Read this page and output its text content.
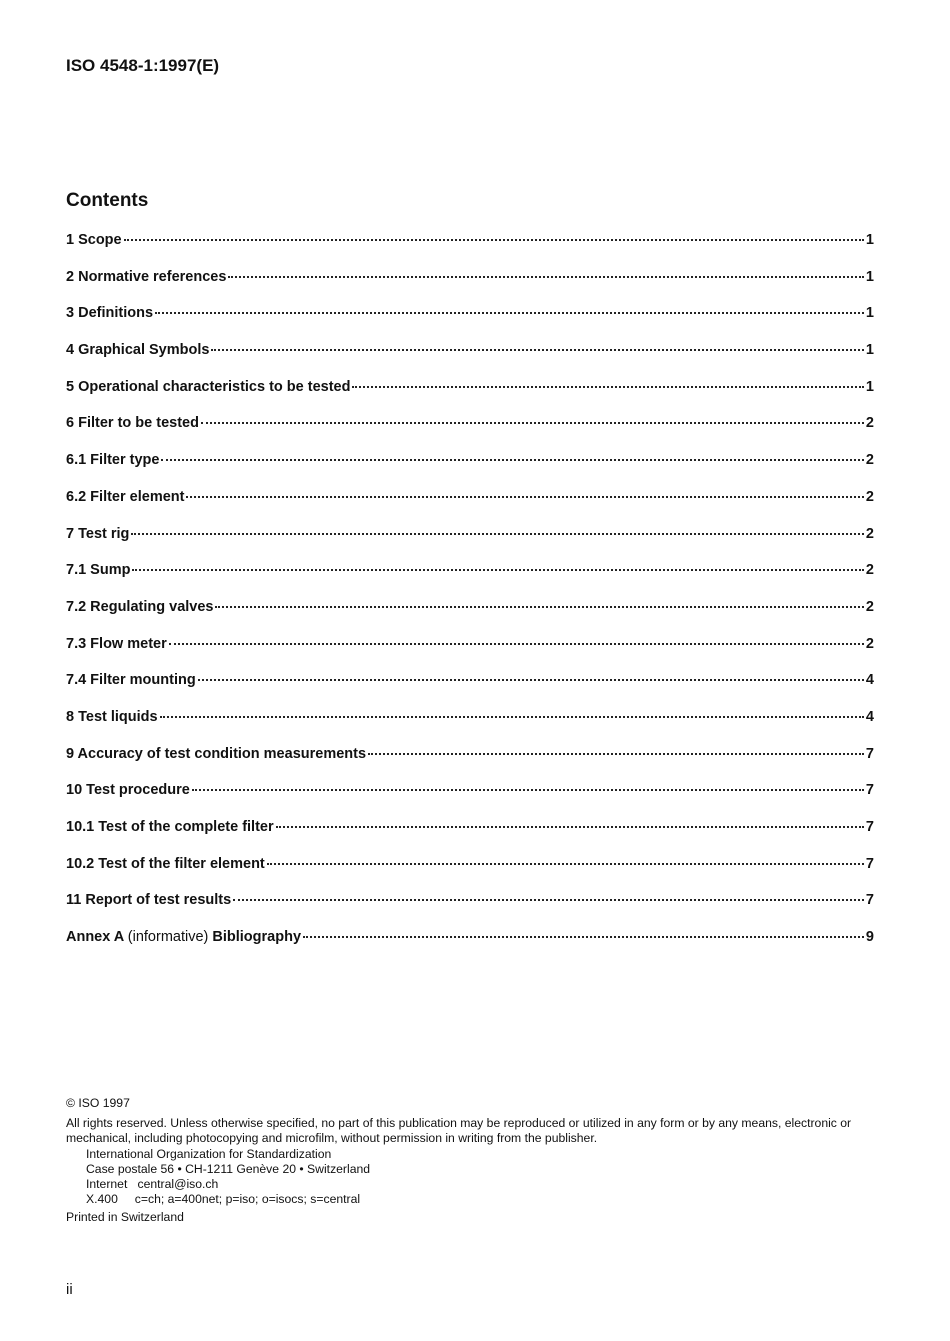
ISO 4548-1:1997(E)
Contents
1 Scope	1
2 Normative references	1
3 Definitions	1
4 Graphical Symbols	1
5 Operational characteristics to be tested	1
6 Filter to be tested	2
6.1 Filter type	2
6.2 Filter element	2
7 Test rig	2
7.1 Sump	2
7.2 Regulating valves	2
7.3 Flow meter	2
7.4 Filter mounting	4
8 Test liquids	4
9 Accuracy of test condition measurements	7
10 Test procedure	7
10.1 Test of the complete filter	7
10.2 Test of the filter element	7
11 Report of test results	7
Annex A (informative) Bibliography	9
© ISO 1997
All rights reserved. Unless otherwise specified, no part of this publication may be reproduced or utilized in any form or by any means, electronic or mechanical, including photocopying and microfilm, without permission in writing from the publisher.
International Organization for Standardization
Case postale 56 • CH-1211 Genève 20 • Switzerland
Internet   central@iso.ch
X.400     c=ch; a=400net; p=iso; o=isocs; s=central
Printed in Switzerland
ii
